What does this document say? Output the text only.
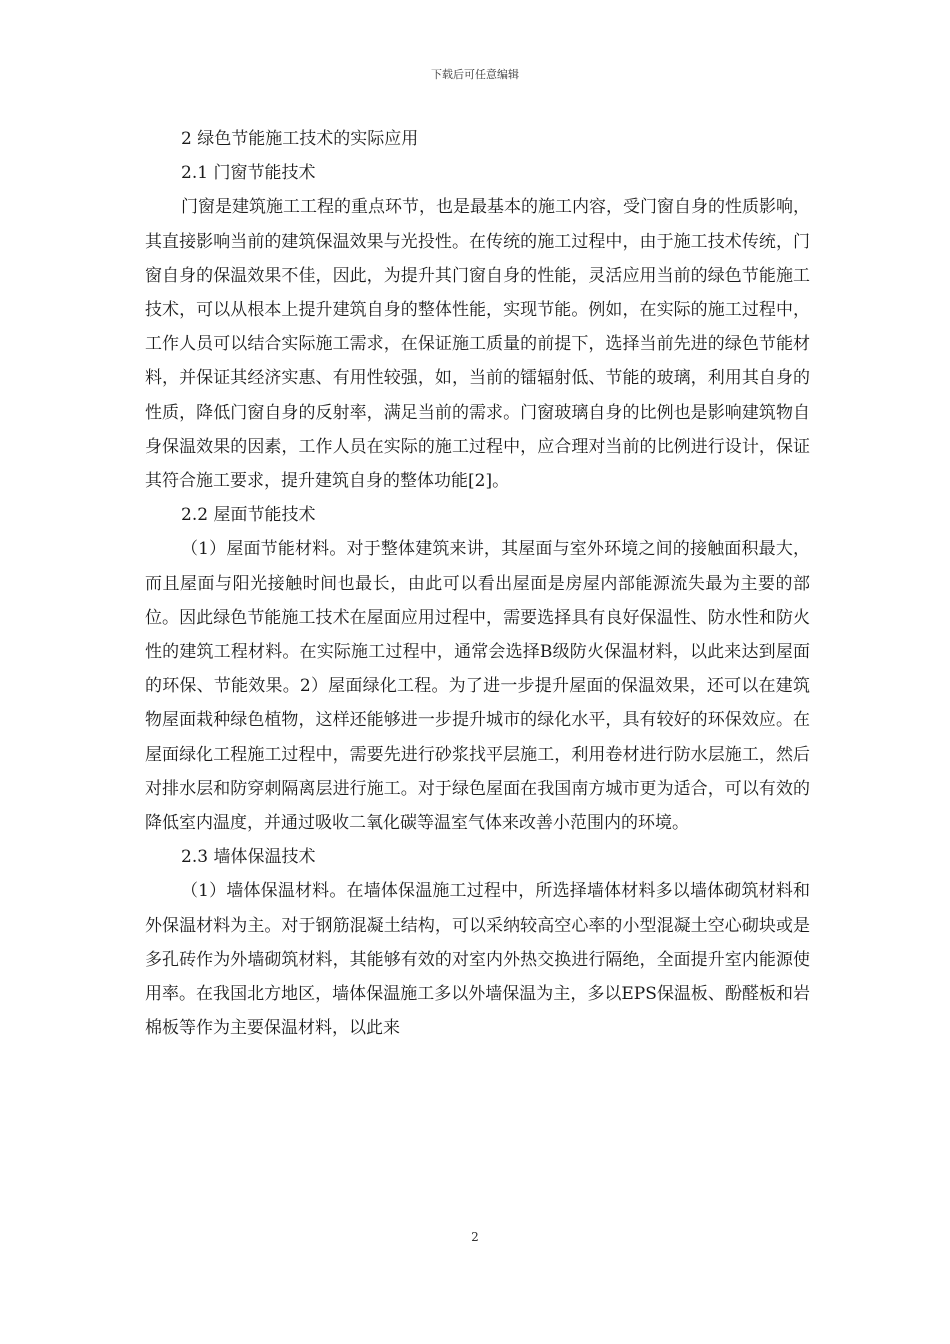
下载后可任意编辑

2 绿色节能施工技术的实际应用

2.1 门窗节能技术

门窗是建筑施工工程的重点环节，也是最基本的施工内容，受门窗自身的性质影响，其直接影响当前的建筑保温效果与光投性。在传统的施工过程中，由于施工技术传统，门窗自身的保温效果不佳，因此，为提升其门窗自身的性能，灵活应用当前的绿色节能施工技术，可以从根本上提升建筑自身的整体性能，实现节能。例如，在实际的施工过程中，工作人员可以结合实际施工需求，在保证施工质量的前提下，选择当前先进的绿色节能材料，并保证其经济实惠、有用性较强，如，当前的镭辐射低、节能的玻璃，利用其自身的性质，降低门窗自身的反射率，满足当前的需求。门窗玻璃自身的比例也是影响建筑物自身保温效果的因素，工作人员在实际的施工过程中，应合理对当前的比例进行设计，保证其符合施工要求，提升建筑自身的整体功能[2]。

2.2 屋面节能技术

（1）屋面节能材料。对于整体建筑来讲，其屋面与室外环境之间的接触面积最大，而且屋面与阳光接触时间也最长，由此可以看出屋面是房屋内部能源流失最为主要的部位。因此绿色节能施工技术在屋面应用过程中，需要选择具有良好保温性、防水性和防火性的建筑工程材料。在实际施工过程中，通常会选择B级防火保温材料，以此来达到屋面的环保、节能效果。2）屋面绿化工程。为了进一步提升屋面的保温效果，还可以在建筑物屋面栽种绿色植物，这样还能够进一步提升城市的绿化水平，具有较好的环保效应。在屋面绿化工程施工过程中，需要先进行砂浆找平层施工，利用卷材进行防水层施工，然后对排水层和防穿刺隔离层进行施工。对于绿色屋面在我国南方城市更为适合，可以有效的降低室内温度，并通过吸收二氧化碳等温室气体来改善小范围内的环境。

2.3 墙体保温技术

（1）墙体保温材料。在墙体保温施工过程中，所选择墙体材料多以墙体砌筑材料和外保温材料为主。对于钢筋混凝土结构，可以采纳较高空心率的小型混凝土空心砌块或是多孔砖作为外墙砌筑材料，其能够有效的对室内外热交换进行隔绝，全面提升室内能源使用率。在我国北方地区，墙体保温施工多以外墙保温为主，多以EPS保温板、酚醛板和岩棉板等作为主要保温材料，以此来

2
